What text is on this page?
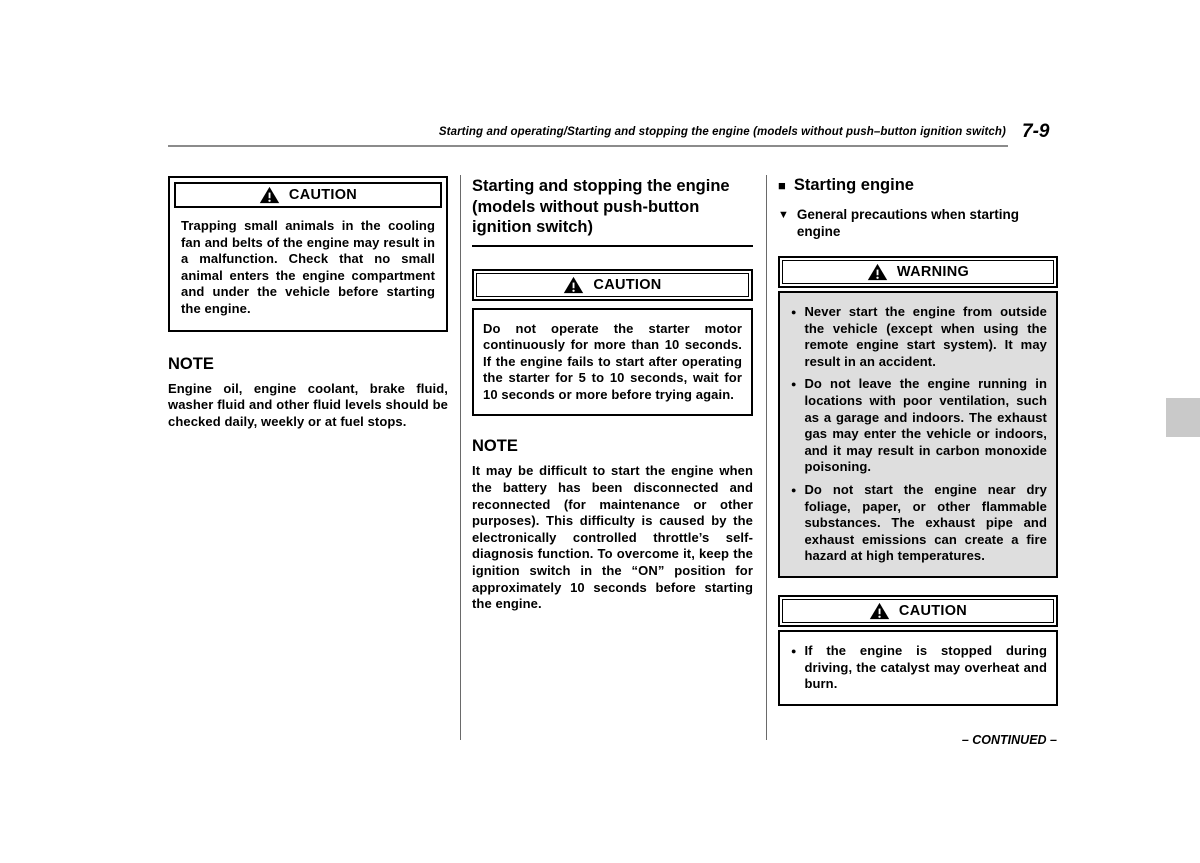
Starting and operating/Starting and stopping the engine (models without push–button ignition switch) 7-9
CAUTION
Trapping small animals in the cooling fan and belts of the engine may result in a malfunction. Check that no small animal enters the engine compartment and under the vehicle before starting the engine.
NOTE
Engine oil, engine coolant, brake fluid, washer fluid and other fluid levels should be checked daily, weekly or at fuel stops.
Starting and stopping the engine (models without push-button ignition switch)
CAUTION
Do not operate the starter motor continuously for more than 10 seconds. If the engine fails to start after operating the starter for 5 to 10 seconds, wait for 10 seconds or more before trying again.
NOTE
It may be difficult to start the engine when the battery has been disconnected and reconnected (for maintenance or other purposes). This difficulty is caused by the electronically controlled throttle’s self-diagnosis function. To overcome it, keep the ignition switch in the “ON” position for approximately 10 seconds before starting the engine.
■ Starting engine
▼ General precautions when starting engine
WARNING
● Never start the engine from outside the vehicle (except when using the remote engine start system). It may result in an accident.
● Do not leave the engine running in locations with poor ventilation, such as a garage and indoors. The exhaust gas may enter the vehicle or indoors, and it may result in carbon monoxide poisoning.
● Do not start the engine near dry foliage, paper, or other flammable substances. The exhaust pipe and exhaust emissions can create a fire hazard at high temperatures.
CAUTION
● If the engine is stopped during driving, the catalyst may overheat and burn.
– CONTINUED –
